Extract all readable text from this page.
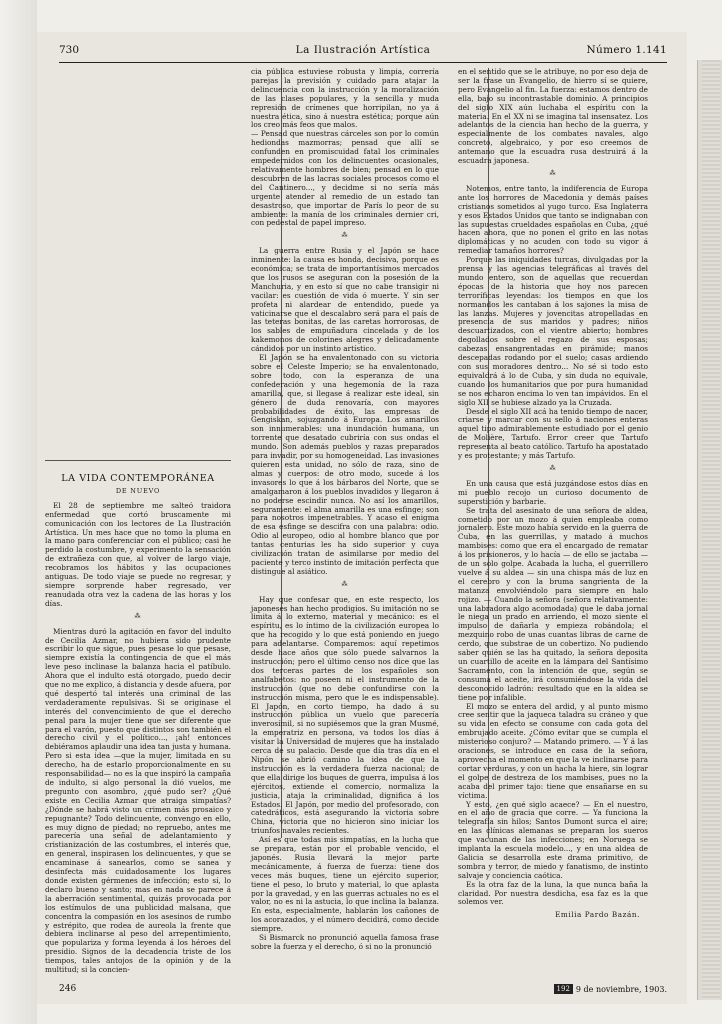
730	La Ilustración Artística	Número 1.141

LA VIDA CONTEMPORÁNEA
DE NUEVO

El 28 de septiembre me salteó traidora enfermedad que cortó bruscamente mi comunicación con los lectores de La Ilustración Artística. Un mes hace que no tomo la pluma en la mano para conferenciar con el público; casi he perdido la costumbre, y experimento la sensación de extrañeza con que, al volver de largo viaje, recobramos los hábitos y las ocupaciones antiguas. De todo viaje se puede no regresar, y siempre sorprende haber regresado, ver reanudada otra vez la cadena de las horas y los días.

⁂

Mientras duró la agitación en favor del indulto de Cecilia Azmar, no hubiera sido prudente escribir lo que sigue, pues pesase lo que pesase, siempre existía la contingencia de que el más leve peso inclinase la balanza hacia el patíbulo. Ahora que el indulto está otorgado, puedo decir que no me explico, á distancia y desde afuera, por qué despertó tal interés una criminal de las verdaderamente repulsivas. Si se originase el interés del convencimiento de que el derecho penal para la mujer tiene que ser diferente que para el varón, puesto que distintos son también el derecho civil y el político..., ¡ah! entonces debiéramos aplaudir una idea tan justa y humana. Pero si esta idea —que la mujer, limitada en su derecho, ha de estarlo proporcionalmente en su responsabilidad— no es la que inspiró la campaña de indulto, si algo personal la dió vuelos, me pregunto con asombro, ¿qué pudo ser? ¿Qué existe en Cecilia Azmar que atraiga simpatías? ¿Dónde se habrá visto un crimen más prosaico y repugnante? Todo delincuente, convengo en ello, es muy digno de piedad; no repruebo, antes me parecería una señal de adelantamiento y cristianización de las costumbres, el interés que, en general, inspirasen los delincuentes, y que se encaminase á sanearlos, como se sanea y desinfecta más cuidadosamente los lugares donde existen gérmenes de infección; esto sí, lo declaro bueno y santo; mas en nada se parece á la aberración sentimental, quizás provocada por los estímulos de una publicidad malsana, que concentra la compasión en los asesinos de rumbo y estrépito, que rodea de aureola la frente que debiera inclinarse al peso del arrepentimiento, que populariza y forma leyenda á los héroes del presidio. Signos de la decadencia triste de los tiempos, tales antojos de la opinión y de la multitud; si la concien-

cia pública estuviese robusta y limpia, correría parejas la previsión y cuidado para atajar la delincuencia con la instrucción y la moralización de las clases populares, y la sencilla y muda represión de crímenes que horripilan, no ya á nuestra ética, sino á nuestra estética; porque aún los creo más feos que malos.

— Pensad que nuestras cárceles son por lo común hediondas mazmorras; pensad que allí se confunden en promiscuidad fatal los criminales empedernidos con los delincuentes ocasionales, relativamente hombres de bien; pensad en lo que descubren de las lacras sociales procesos como el del Cantinero..., y decidme si no sería más urgente atender al remedio de un estado tan desastroso, que importar de París lo peor de su ambiente: la manía de los criminales dernier cri, con pedestal de papel impreso.

⁂

La guerra entre Rusia y el Japón se hace inminente: la causa es honda, decisiva, porque es económica; se trata de importantísimos mercados que los rusos se aseguran con la posesión de la Manchuria, y en esto sí que no cabe transigir ni vacilar: es cuestión de vida ó muerte. Y sin ser profeta ni alardear de entendido, puede ya vaticinarse que el descalabro será para el país de las teteras bonitas, de las caretas horrorosas, de los sables de empuñadura cincelada y de los kakemonos de colorines alegres y delicadamente cándidos por un instinto artístico.

El Japón se ha envalentonado con su victoria sobre el Celeste Imperio; se ha envalentonado, sobre todo, con la esperanza de una confederación y una hegemonía de la raza amarilla, que, si llegase á realizar este ideal, sin género de duda renovaría, con mayores probabilidades de éxito, las empresas de Gengiskan, sojuzgando á Europa. Los amarillos son innumerables: una inundación humana, un torrente que desatado cubriría con sus ondas el mundo. Son además pueblos y razas preparados para invadir, por su homogeneidad. Las invasiones quieren esta unidad, no sólo de raza, sino de almas y cuerpos: de otro modo, sucede á los invasores lo que á los bárbaros del Norte, que se amalgamaron á los pueblos invadidos y llegaron á no poderse escindir nunca. No así los amarillos, seguramente: el alma amarilla es una esfinge; son para nosotros impenetrables. Y acaso el enigma de esa esfinge se descifra con una palabra: odio. Odio al europeo, odio al hombre blanco que por tantas centurias les ha sido superior y cuya civilización tratan de asimilarse por medio del paciente y terco instinto de imitación perfecta que distingue al asiático.

⁂

Hay que confesar que, en este respecto, los japoneses han hecho prodigios. Su imitación no se limita á lo externo, material y mecánico: es el espíritu, es lo íntimo de la civilización europea lo que ha recogido y lo que está poniendo en juego para adelantarse. Comparemos: aquí repetimos desde hace años que sólo puede salvarnos la instrucción; pero el último censo nos dice que las dos terceras partes de los españoles son analfabetos: no poseen ni el instrumento de la instrucción (que no debe confundirse con la instrucción misma, pero que le es indispensable). El Japón, en corto tiempo, ha dado á su instrucción pública un vuelo que parecería inverosímil, si no supiésemos que la gran Musmé, la emperatriz en persona, va todos los días á visitar la Universidad de mujeres que ha instalado cerca de su palacio. Desde que día tras día en el Nipón se abrió camino la idea de que la instrucción es la verdadera fuerza nacional; de que ella dirige los buques de guerra, impulsa á los ejércitos, extiende el comercio, normaliza la justicia, ataja la criminalidad, dignifica á los Estados. El Japón, por medio del profesorado, con catedráticos, está asegurando la victoria sobre China, victoria que no hicieron sino iniciar los triunfos navales recientes.

Así es que todas mis simpatías, en la lucha que se prepara, están por el probable vencido, el japonés. Rusia llevará la mejor parte mecánicamente, á fuerza de fuerza: tiene dos veces más buques, tiene un ejército superior, tiene el peso, lo bruto y material, lo que aplasta por la gravedad, y en las guerras actuales no es el valor, no es ni la astucia, lo que inclina la balanza. En esta, especialmente, hablarán los cañones de los acorazados, y el número decidirá, como decide siempre.

Si Bismarck no pronunció aquella famosa frase sobre la fuerza y el derecho, ó si no la pronunció

en el sentido que se le atribuye, no por eso deja de ser la frase un Evangelio, de hierro sí se quiere, pero Evangelio al fin. La fuerza: estamos dentro de ella, bajo su incontrastable dominio. A principios del siglo XIX aún luchaba el espíritu con la materia. En el XX ni se imagina tal insensatez. Los adelantos de la ciencia han hecho de la guerra, y especialmente de los combates navales, algo concreto, algebraico, y por eso creemos de antemano que la escuadra rusa destruirá á la escuadra japonesa.

⁂

Notemos, entre tanto, la indiferencia de Europa ante los horrores de Macedonia y demás países cristianos sometidos al yugo turco. Esa Inglaterra y esos Estados Unidos que tanto se indignaban con las supuestas crueldades españolas en Cuba, ¿qué hacen ahora, que no ponen el grito en las notas diplomáticas y no acuden con todo su vigor á remediar tamaños horrores?

Porque las iniquidades turcas, divulgadas por la prensa y las agencias telegráficas al través del mundo entero, son de aquellas que recuerdan épocas de la historia que hoy nos parecen terroríficas leyendas: los tiempos en que los normandos les cantaban á los sajones la misa de las lanzas. Mujeres y jovencitas atropelladas en presencia de sus maridos y padres; niños descuartizados, con el vientre abierto; hombres degollados sobre el regazo de sus esposas; cabezas ensangrentadas en pirámide; manos descepadas rodando por el suelo; casas ardiendo con sus moradores dentro... No sé si todo esto equivaldrá á lo de Cuba, y sin duda no equivale, cuando los humanitarios que por pura humanidad se nos echaron encima lo ven tan impávidos. En el siglo XII se hubiese alzado ya la Cruzada.

Desde el siglo XII acá ha tenido tiempo de nacer, criarse y marcar con su sello á naciones enteras aquel tipo admirablemente estudiado por el genio de Molière, Tartufo. Error creer que Tartufo representa al beato católico. Tartufo ha apostatado y es protestante; y más Tartufo.

⁂

En una causa que está juzgándose estos días en mi pueblo recojo un curioso documento de superstición y barbarie.

Se trata del asesinato de una señora de aldea, cometido por un mozo á quien empleaba como jornalero. Este mozo había servido en la guerra de Cuba, en las guerrillas, y matado á muchos mambises: como que era el encargado de rematar á los prisioneros, y lo hacía — de ello se jactaba — de un solo golpe. Acabada la lucha, el guerrillero vuelve á su aldea — sin una chispa más de luz en el cerebro y con la bruma sangrienta de la matanza envolviéndolo para siempre en halo rojizo. — Cuando la señora (señora relativamente: una labradora algo acomodada) que le daba jornal le niega un prado en arriendo, el mozo siente el impulso de dañarla y empieza robándola; el mezquino robo de unas cuantas libras de carne de cerdo, que substrae de un cobertizo. No pudiendo saber quién se las ha quitado, la señora deposita un cuartillo de aceite en la lámpara del Santísimo Sacramento, con la intención de que, según se consuma el aceite, irá consumiéndose la vida del desconocido ladrón: resultado que en la aldea se tiene por infalible.

El mozo se entera del ardid, y al punto mismo cree sentir que la jaqueca taladra su cráneo y que su vida en efecto se consume con cada gota del embrujado aceite. ¿Cómo evitar que se cumpla el misterioso conjuro? — Matando primero. — Y á las oraciones, se introduce en casa de la señora, aprovecha el momento en que la ve inclinarse para cortar verduras, y con un hacha la hiere, sin lograr el golpe de destreza de los mambises, pues no la acaba del primer tajo: tiene que ensañarse en su víctima.

Y esto, ¿en qué siglo acaece? — En el nuestro, en el año de gracia que corre. — Ya funciona la telegrafía sin hilos; Santos Dumont surca el aire; en las clínicas alemanas se preparan los sueros que vacunan de las infecciones; en Noruega se implanta la escuela modelo..., y en una aldea de Galicia se desarrolla este drama primitivo, de sombra y terror, de miedo y fanatismo, de instinto salvaje y conciencia caótica.

Es la otra faz de la luna, la que nunca baña la claridad. Por nuestra desdicha, esa faz es la que solemos ver.

Emilia Pardo Bazán.
246	192 9 de noviembre, 1903.
